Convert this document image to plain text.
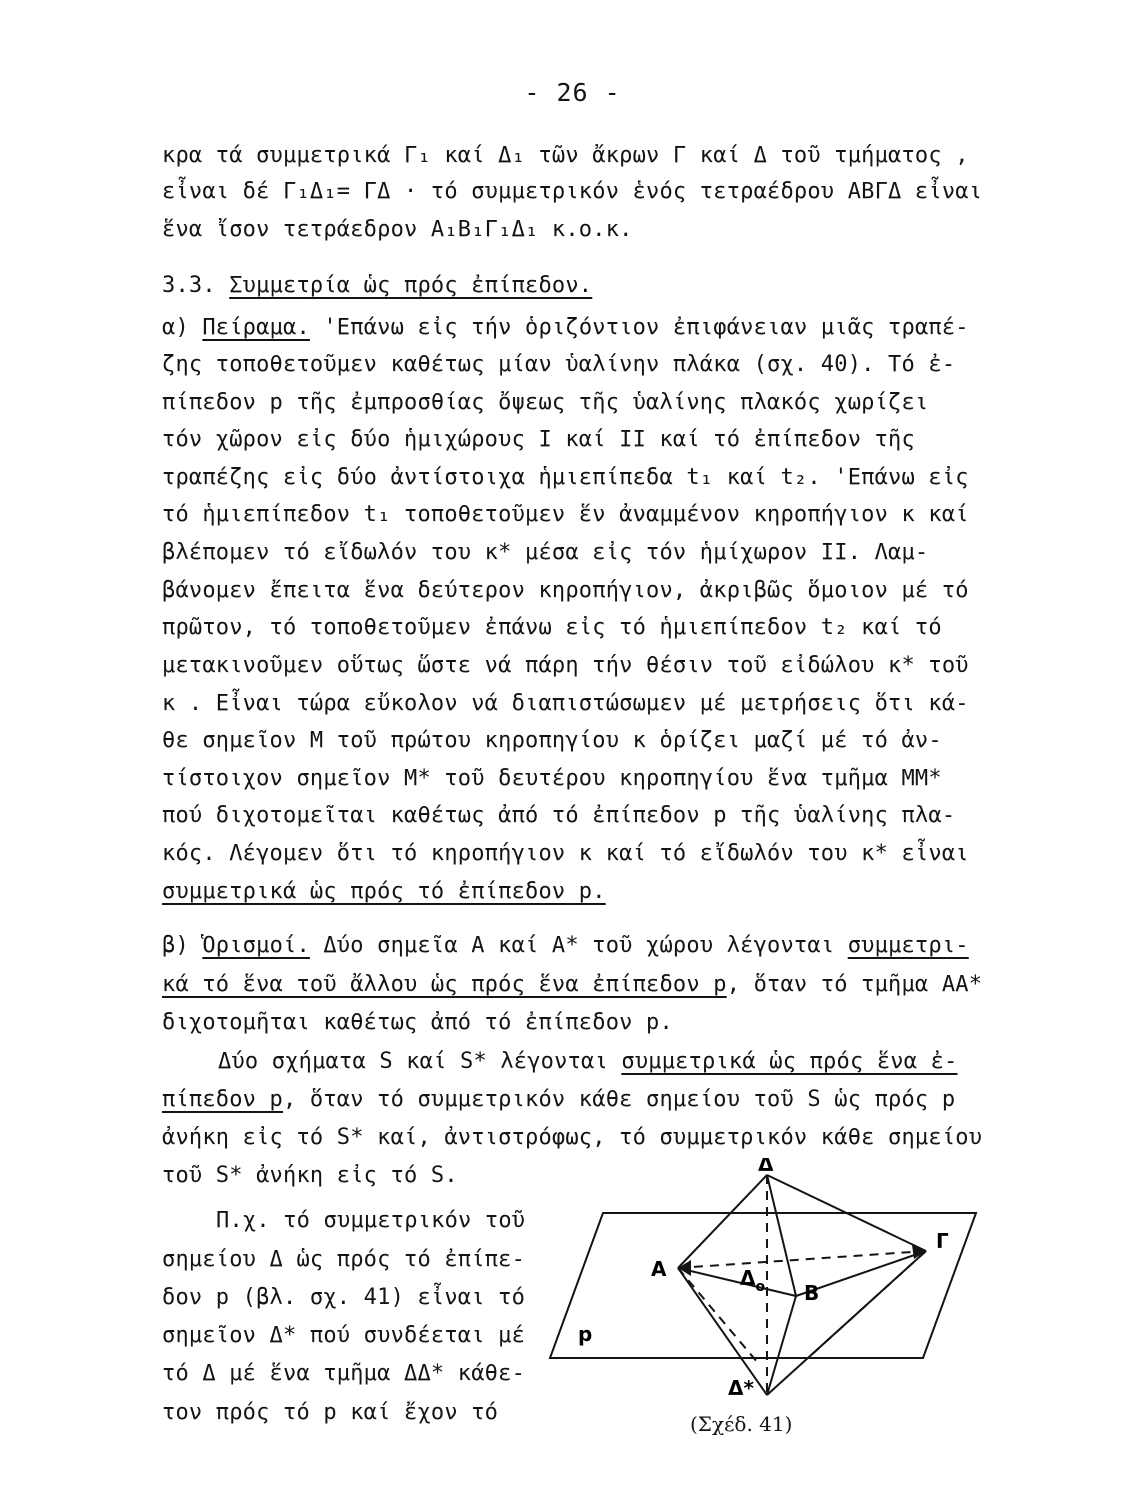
- 26 -
κρα τά συμμετρικά Γ₁ καί Δ₁ τῶν ἄκρων Γ καί Δ τοῦ τμήματος ,
εἶναι δέ Γ₁Δ₁= ΓΔ · τό συμμετρικόν ἑνός τετραέδρου ΑΒΓΔ εἶναι
ἕνα ἴσον τετράεδρον Α₁Β₁Γ₁Δ₁ κ.ο.κ.
3.3. Συμμετρία ὡς πρός ἐπίπεδον.
α) Πείραμα. 'Επάνω εἰς τήν ὁριζόντιον ἐπιφάνειαν μιᾶς τραπέ-
ζης τοποθετοῦμεν καθέτως μίαν ὑαλίνην πλάκα (σχ. 40). Τό ἐ-
πίπεδον p τῆς ἐμπροσθίας ὄψεως τῆς ὑαλίνης πλακός χωρίζει
τόν χῶρον εἰς δύο ἡμιχώρους Ι καί ΙΙ καί τό ἐπίπεδον τῆς
τραπέζης εἰς δύο ἀντίστοιχα ἡμιεπίπεδα t₁ καί t₂. 'Επάνω εἰς
τό ἡμιεπίπεδον t₁ τοποθετοῦμεν ἕν ἀναμμένον κηροπήγιον κ καί
βλέπομεν τό εἴδωλόν του κ* μέσα εἰς τόν ἡμίχωρον ΙΙ. Λαμ-
βάνομεν ἔπειτα ἕνα δεύτερον κηροπήγιον, ἀκριβῶς ὅμοιον μέ τό
πρῶτον, τό τοποθετοῦμεν ἐπάνω εἰς τό ἡμιεπίπεδον t₂ καί τό
μετακινοῦμεν οὕτως ὥστε νά πάρη τήν θέσιν τοῦ εἰδώλου κ* τοῦ
κ . Εἶναι τώρα εὔκολον νά διαπιστώσωμεν μέ μετρήσεις ὅτι κά-
θε σημεῖον Μ τοῦ πρώτου κηροπηγίου κ ὁρίζει μαζί μέ τό ἀν-
τίστοιχον σημεῖον Μ* τοῦ δευτέρου κηροπηγίου ἕνα τμῆμα ΜΜ*
πού διχοτομεῖται καθέτως ἀπό τό ἐπίπεδον p τῆς ὑαλίνης πλα-
κός. Λέγομεν ὅτι τό κηροπήγιον κ καί τό εἴδωλόν του κ* εἶναι
συμμετρικά ὡς πρός τό ἐπίπεδον p.
β) Ὁρισμοί. Δύο σημεῖα Α καί Α* τοῦ χώρου λέγονται συμμετρι-
κά τό ἕνα τοῦ ἄλλου ὡς πρός ἕνα ἐπίπεδον p, ὅταν τό τμῆμα ΑΑ*
διχοτομῆται καθέτως ἀπό τό ἐπίπεδον p.
Δύο σχήματα S καί S* λέγονται συμμετρικά ὡς πρός ἕνα ἐ-
πίπεδον p, ὅταν τό συμμετρικόν κάθε σημείου τοῦ S ὡς πρός p
ἀνήκη εἰς τό S* καί, ἀντιστρόφως, τό συμμετρικόν κάθε σημείου
τοῦ S* ἀνήκη εἰς τό S.
Π.χ. τό συμμετρικόν τοῦ
σημείου Δ ὡς πρός τό ἐπίπε-
δον p (βλ. σχ. 41) εἶναι τό
σημεῖον Δ* πού συνδέεται μέ
τό Δ μέ ἕνα τμῆμα ΔΔ* κάθε-
τον πρός τό p καί ἔχον τό
Δ
A
Γ
$\Delta_o$ B
Δ*
p
(Σχέδ. 41)
